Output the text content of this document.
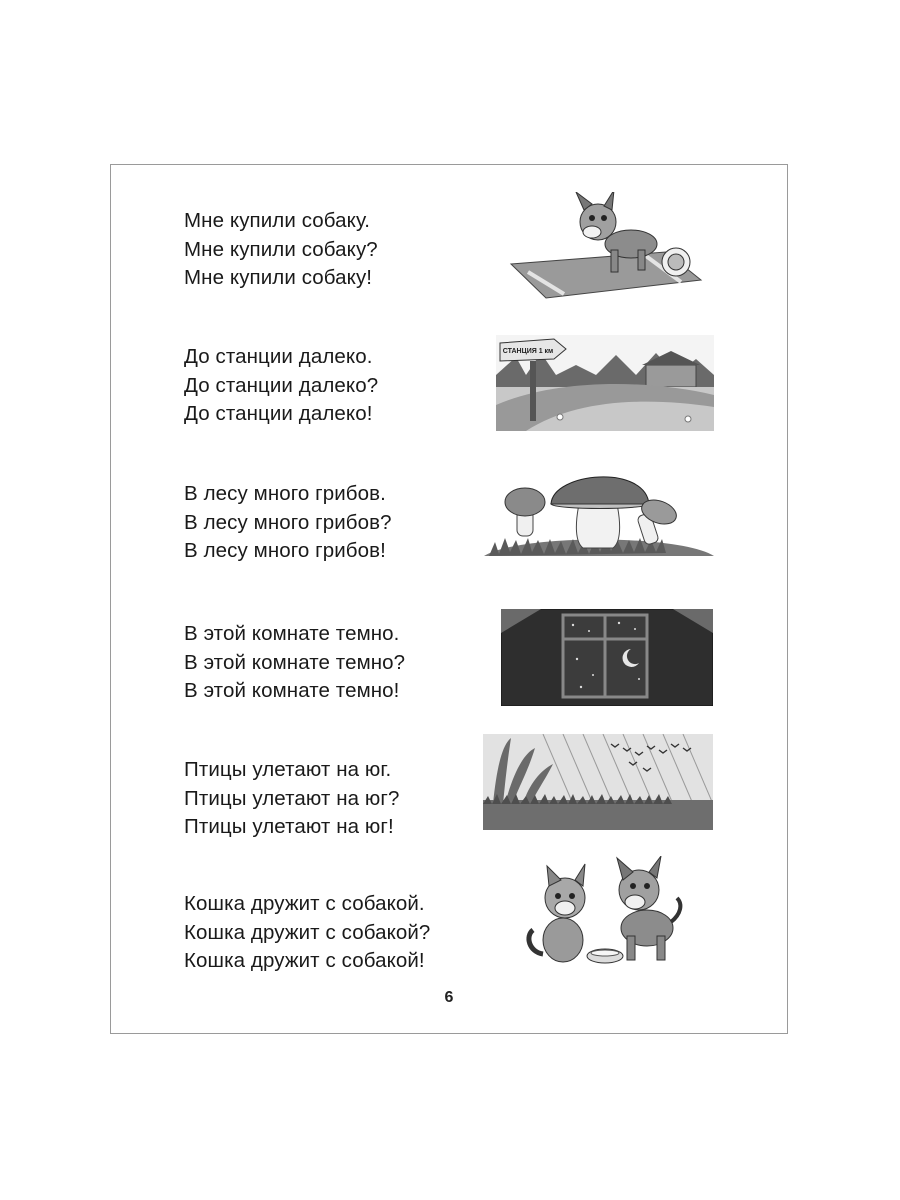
Мне купили собаку.
Мне купили собаку?
Мне купили собаку!
До станции далеко.
До станции далеко?
До станции далеко!
СТАНЦИЯ 1 км
В лесу много грибов.
В лесу много грибов?
В лесу много грибов!
В этой комнате темно.
В этой комнате темно?
В этой комнате темно!
Птицы улетают на юг.
Птицы улетают на юг?
Птицы улетают на юг!
Кошка дружит с собакой.
Кошка дружит с собакой?
Кошка дружит с собакой!
6
